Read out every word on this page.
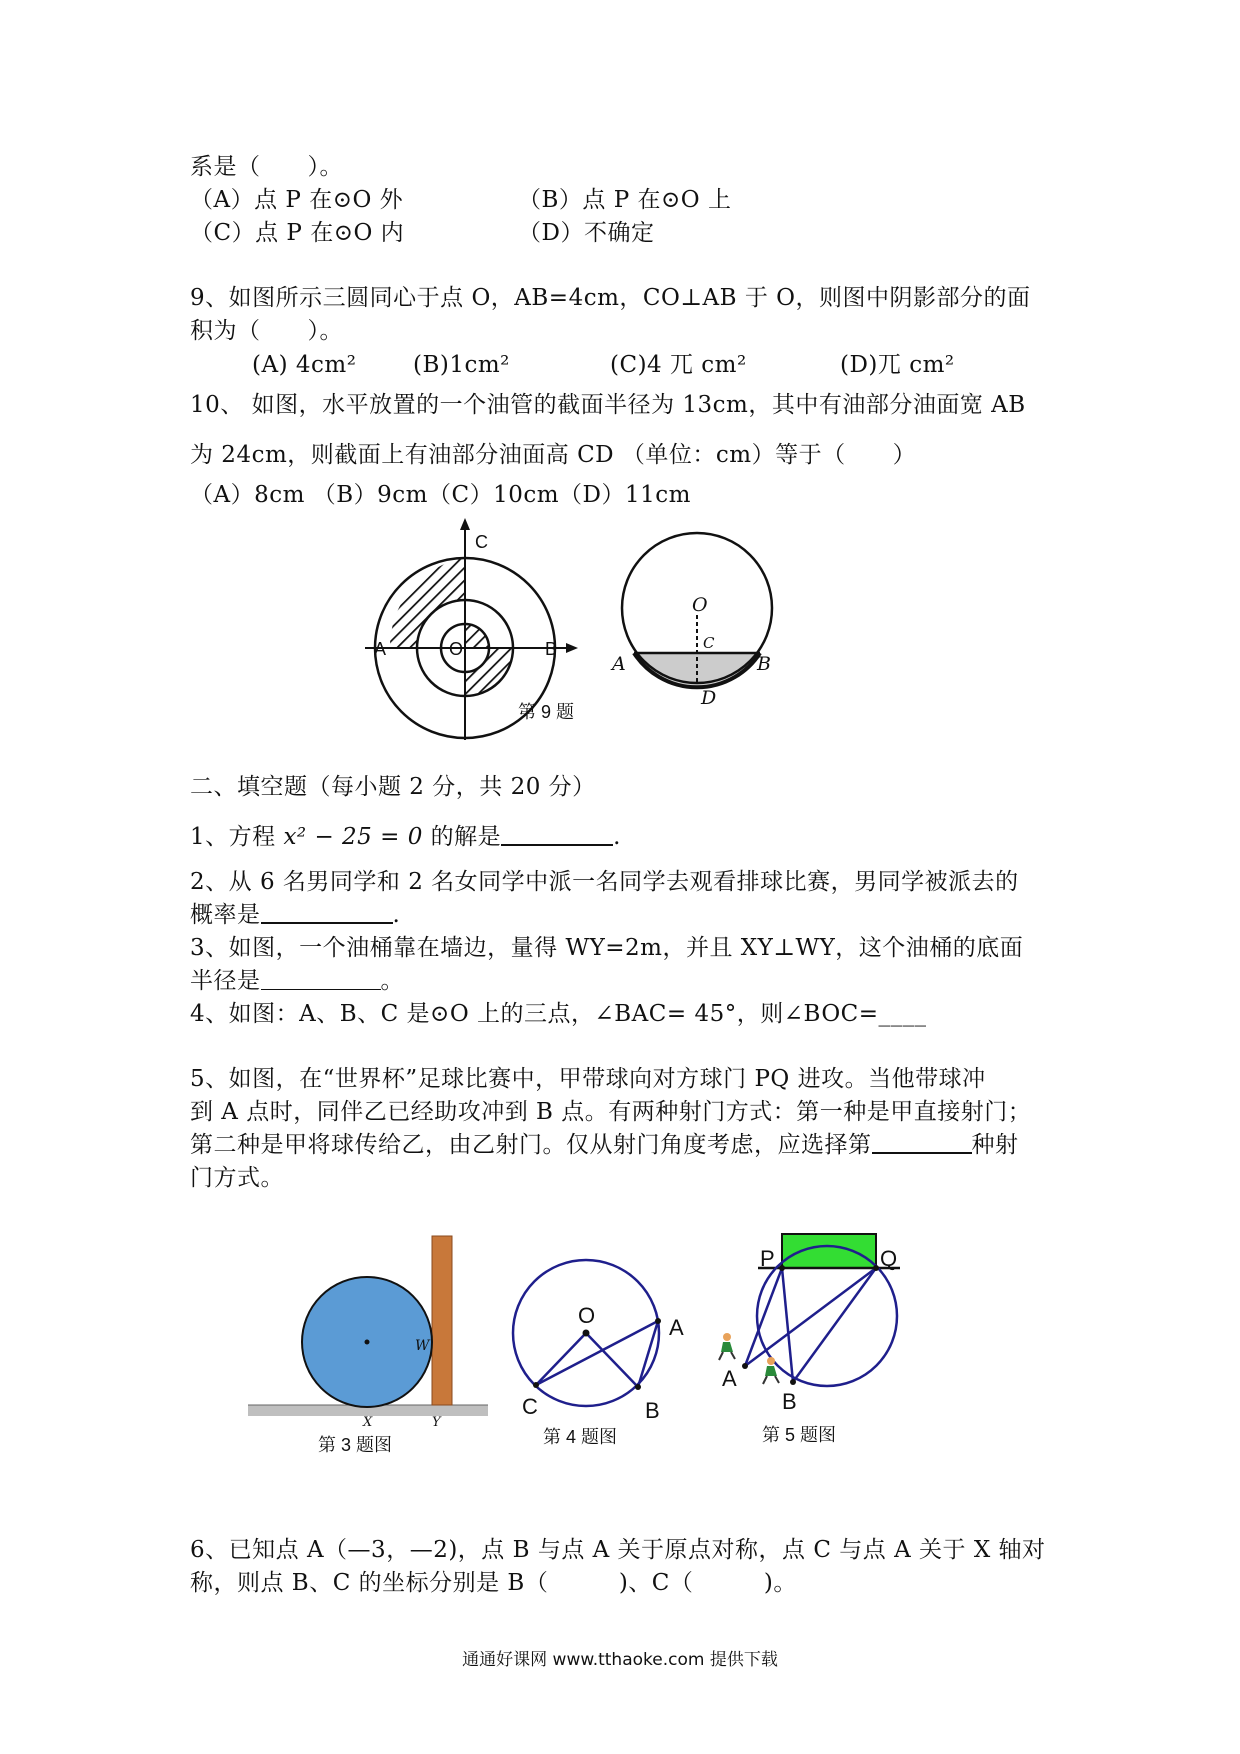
系是（　　）。
（A）点 P 在⊙O 外	（B）点 P 在⊙O 上
（C）点 P 在⊙O 内	（D）不确定
9、如图所示三圆同心于点 O，AB=4cm，CO⊥AB 于 O，则图中阴影部分的面
积为（　　）。
(A) 4cm² (B)1cm²	(C)4 兀 cm²	(D)兀 cm²
10、 如图，水平放置的一个油管的截面半径为 13cm，其中有油部分油面宽 AB
为 24cm，则截面上有油部分油面高 CD （单位：cm）等于（　　）
（A）8cm （B）9cm（C）10cm（D）11cm
C
A	O	B
第 9 题
O
C
A	B
D
二、填空题（每小题 2 分，共 20 分）
1、方程 x² − 25 = 0 的解是	.
2、从 6 名男同学和 2 名女同学中派一名同学去观看排球比赛，男同学被派去的
概率是	.
3、如图，一个油桶靠在墙边，量得 WY=2m，并且 XY⊥WY，这个油桶的底面
半径是	。
4、如图：A、B、C 是⊙O 上的三点，∠BAC= 45°，则∠BOC=____
5、如图，在“世界杯”足球比赛中，甲带球向对方球门 PQ 进攻。当他带球冲
到 A 点时，同伴乙已经助攻冲到 B 点。有两种射门方式：第一种是甲直接射门；
第二种是甲将球传给乙，由乙射门。仅从射门角度考虑，应选择第	种射
门方式。
W
X	Y
第 3 题图
O	A
C	B
第 4 题图
P	Q
A
B
第 5 题图
6、已知点 A（—3，—2)，点 B 与点 A 关于原点对称，点 C 与点 A 关于 X 轴对
称，则点 B、C 的坐标分别是 B（　　　)、C（　　　)。
通通好课网 www.tthaoke.com 提供下载
